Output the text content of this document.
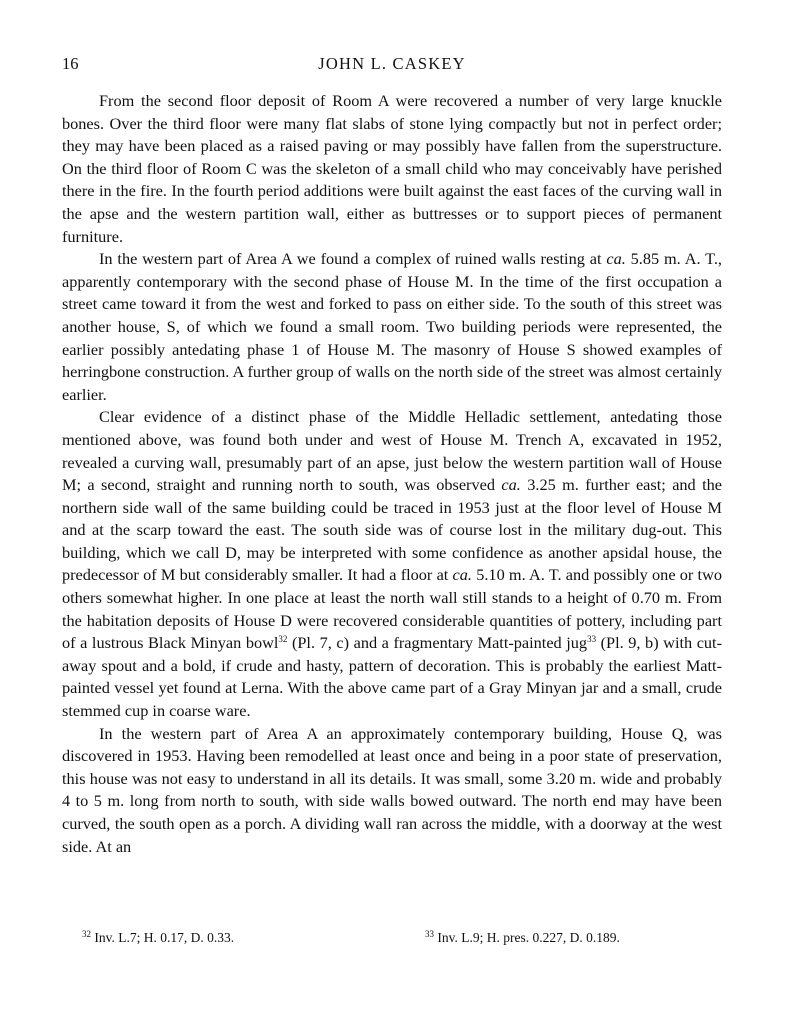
16	JOHN L. CASKEY

From the second floor deposit of Room A were recovered a number of very large knuckle bones. Over the third floor were many flat slabs of stone lying compactly but not in perfect order; they may have been placed as a raised paving or may possibly have fallen from the superstructure. On the third floor of Room C was the skeleton of a small child who may conceivably have perished there in the fire. In the fourth period additions were built against the east faces of the curving wall in the apse and the western partition wall, either as buttresses or to support pieces of permanent furniture.

In the western part of Area A we found a complex of ruined walls resting at ca. 5.85 m. A. T., apparently contemporary with the second phase of House M. In the time of the first occupation a street came toward it from the west and forked to pass on either side. To the south of this street was another house, S, of which we found a small room. Two building periods were represented, the earlier possibly antedating phase 1 of House M. The masonry of House S showed examples of herringbone construction. A further group of walls on the north side of the street was almost certainly earlier.

Clear evidence of a distinct phase of the Middle Helladic settlement, antedating those mentioned above, was found both under and west of House M. Trench A, excavated in 1952, revealed a curving wall, presumably part of an apse, just below the western partition wall of House M; a second, straight and running north to south, was observed ca. 3.25 m. further east; and the northern side wall of the same building could be traced in 1953 just at the floor level of House M and at the scarp toward the east. The south side was of course lost in the military dug-out. This building, which we call D, may be interpreted with some confidence as another apsidal house, the predecessor of M but considerably smaller. It had a floor at ca. 5.10 m. A. T. and possibly one or two others somewhat higher. In one place at least the north wall still stands to a height of 0.70 m. From the habitation deposits of House D were recovered considerable quantities of pottery, including part of a lustrous Black Minyan bowl$^{32}$ (Pl. 7, c) and a fragmentary Matt-painted jug$^{33}$ (Pl. 9, b) with cut-away spout and a bold, if crude and hasty, pattern of decoration. This is probably the earliest Matt-painted vessel yet found at Lerna. With the above came part of a Gray Minyan jar and a small, crude stemmed cup in coarse ware.

In the western part of Area A an approximately contemporary building, House Q, was discovered in 1953. Having been remodelled at least once and being in a poor state of preservation, this house was not easy to understand in all its details. It was small, some 3.20 m. wide and probably 4 to 5 m. long from north to south, with side walls bowed outward. The north end may have been curved, the south open as a porch. A dividing wall ran across the middle, with a doorway at the west side. At an

$^{32}$ Inv. L.7; H. 0.17, D. 0.33.	$^{33}$ Inv. L.9; H. pres. 0.227, D. 0.189.
